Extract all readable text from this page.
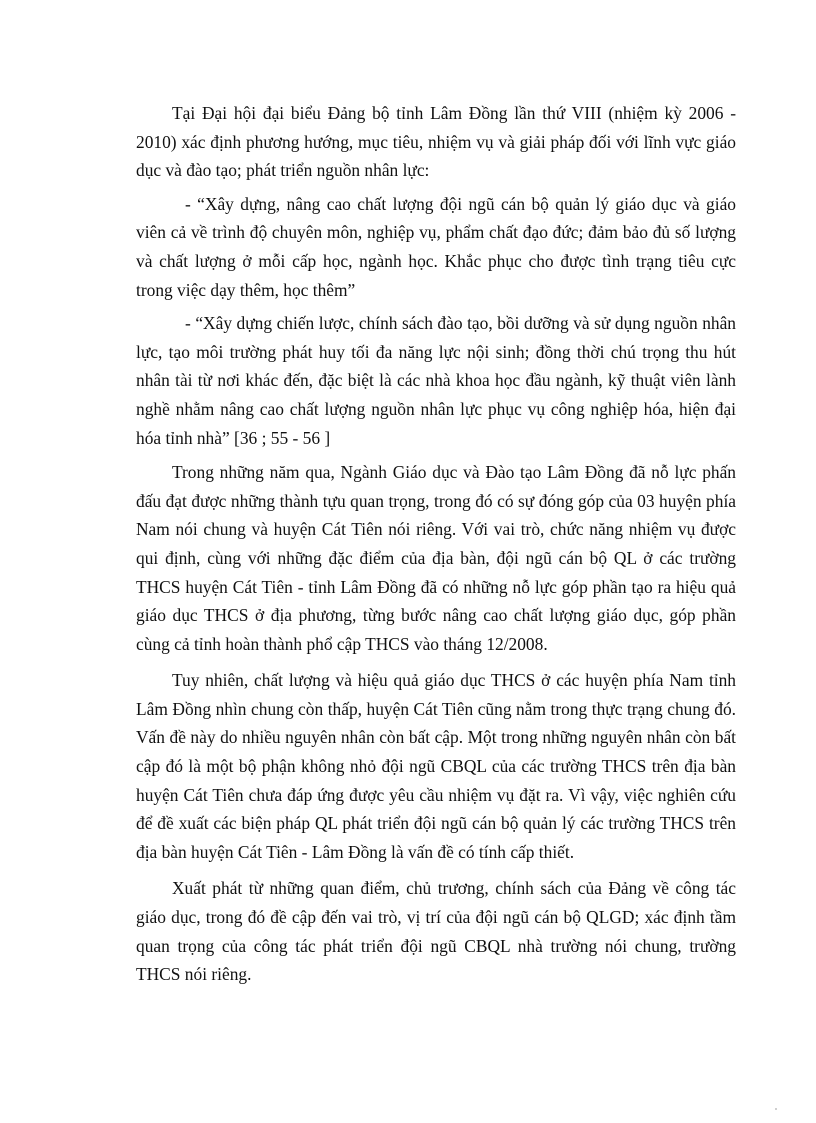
Tại Đại hội đại biểu Đảng bộ tỉnh Lâm Đồng lần thứ VIII (nhiệm kỳ 2006 - 2010) xác định phương hướng, mục tiêu, nhiệm vụ và giải pháp đối với lĩnh vực giáo dục và đào tạo; phát triển nguồn nhân lực:

- “Xây dựng, nâng cao chất lượng đội ngũ cán bộ quản lý giáo dục và giáo viên cả về trình độ chuyên môn, nghiệp vụ, phẩm chất đạo đức; đảm bảo đủ số lượng và chất lượng ở mỗi cấp học, ngành học. Khắc phục cho được tình trạng tiêu cực trong việc dạy thêm, học thêm”

- “Xây dựng chiến lược, chính sách đào tạo, bồi dưỡng và sử dụng nguồn nhân lực, tạo môi trường phát huy tối đa năng lực nội sinh; đồng thời chú trọng thu hút nhân tài từ nơi khác đến, đặc biệt là các nhà khoa học đầu ngành, kỹ thuật viên lành nghề nhằm nâng cao chất lượng nguồn nhân lực phục vụ công nghiệp hóa, hiện đại hóa tỉnh nhà” [36 ; 55 - 56 ]

Trong những năm qua, Ngành Giáo dục và Đào tạo Lâm Đồng đã nỗ lực phấn đấu đạt được những thành tựu quan trọng, trong đó có sự đóng góp của 03 huyện phía Nam nói chung và huyện Cát Tiên nói riêng. Với vai trò, chức năng nhiệm vụ được qui định, cùng với những đặc điểm của địa bàn, đội ngũ cán bộ QL ở các trường THCS huyện Cát Tiên - tỉnh Lâm Đồng đã có những nỗ lực góp phần tạo ra hiệu quả giáo dục THCS ở địa phương, từng bước nâng cao chất lượng giáo dục, góp phần cùng cả tỉnh hoàn thành phổ cập THCS vào tháng 12/2008.

Tuy nhiên, chất lượng và hiệu quả giáo dục THCS ở các huyện phía Nam tỉnh Lâm Đồng nhìn chung còn thấp, huyện Cát Tiên cũng nằm trong thực trạng chung đó. Vấn đề này do nhiều nguyên nhân còn bất cập. Một trong những nguyên nhân còn bất cập đó là một bộ phận không nhỏ đội ngũ CBQL của các trường THCS trên địa bàn huyện Cát Tiên chưa đáp ứng được yêu cầu nhiệm vụ đặt ra. Vì vậy, việc nghiên cứu để đề xuất các biện pháp QL phát triển đội ngũ cán bộ quản lý các trường THCS trên địa bàn huyện Cát Tiên - Lâm Đồng là vấn đề có tính cấp thiết.

Xuất phát từ những quan điểm, chủ trương, chính sách của Đảng về công tác giáo dục, trong đó đề cập đến vai trò, vị trí của đội ngũ cán bộ QLGD; xác định tầm quan trọng của công tác phát triển đội ngũ CBQL nhà trường nói chung, trường THCS nói riêng.
